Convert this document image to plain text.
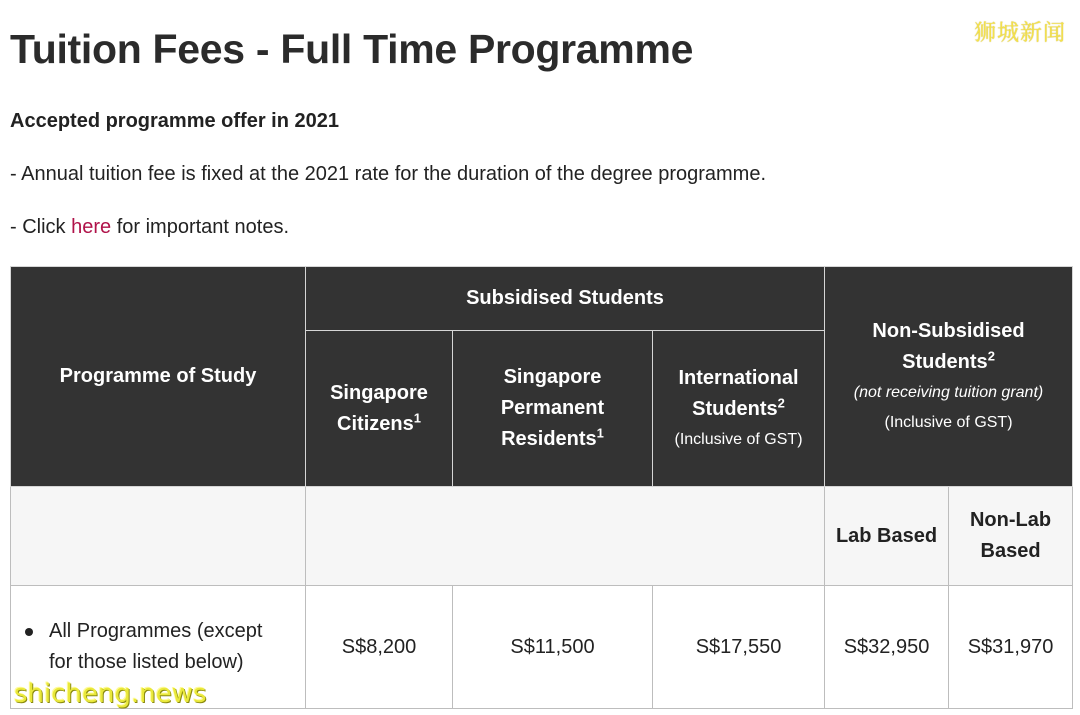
狮城新闻
Tuition Fees - Full Time Programme
Accepted programme offer in 2021
- Annual tuition fee is fixed at the 2021 rate for the duration of the degree programme.
- Click here for important notes.
Programme of Study	Subsidised Students			Non-Subsidised Students$^2$
(not receiving tuition grant)
(Inclusive of GST)	

	Singapore Citizens$^1$	Singapore Permanent Residents$^1$	International Students$^2$
(Inclusive of GST)		

				Lab Based	Non-Lab Based

All Programmes (except for those listed below)	S$8,200	S$11,500	S$17,550	S$32,950	S$31,970
shicheng.news
